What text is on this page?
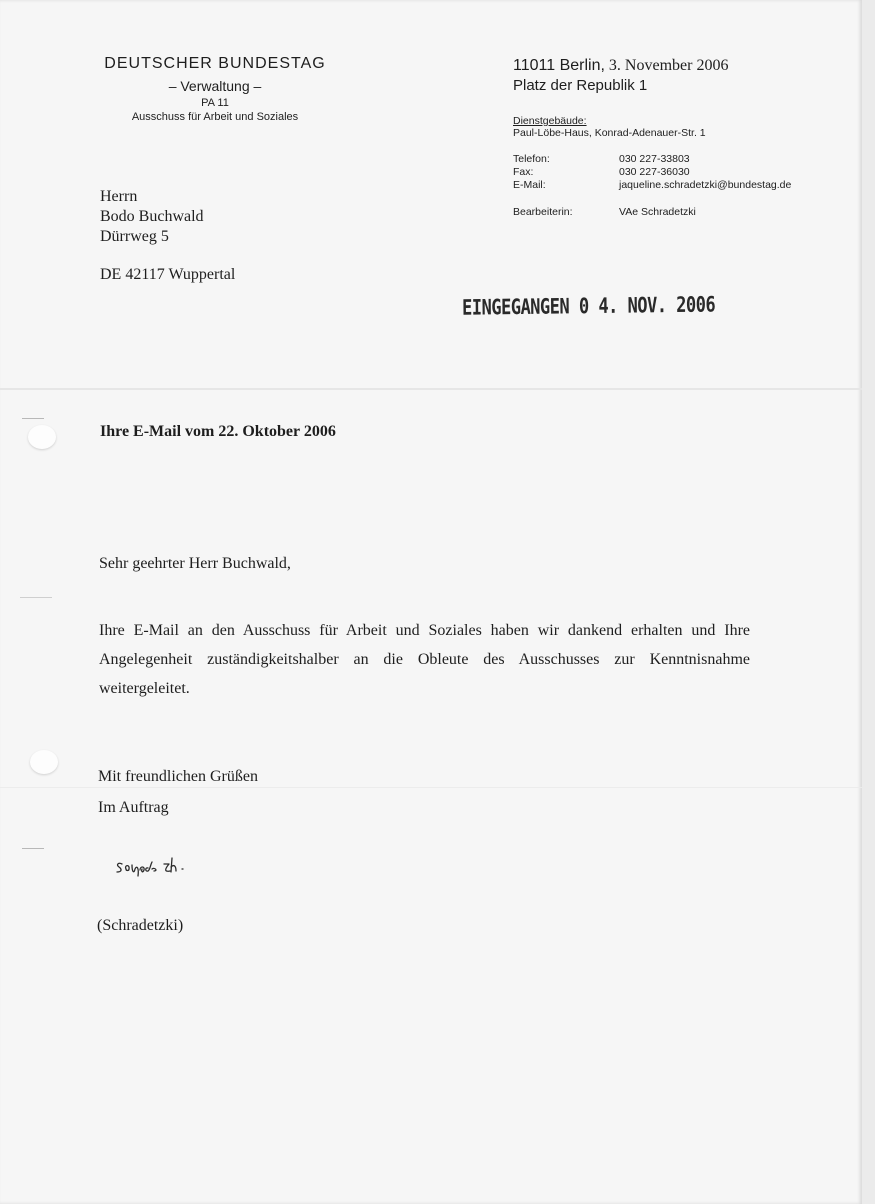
DEUTSCHER BUNDESTAG
– Verwaltung –
PA 11
Ausschuss für Arbeit und Soziales
11011 Berlin, 3. November 2006
Platz der Republik 1
Dienstgebäude:
Paul-Löbe-Haus, Konrad-Adenauer-Str. 1
Telefon:	030 227-33803
Fax:	030 227-36030
E-Mail:	jaqueline.schradetzki@bundestag.de
Bearbeiterin:	VAe Schradetzki
Herrn
Bodo Buchwald
Dürrweg 5
DE 42117 Wuppertal
EINGEGANGEN 0 4. NOV. 2006
Ihre E-Mail vom 22. Oktober 2006
Sehr geehrter Herr Buchwald,

Ihre E-Mail an den Ausschuss für Arbeit und Soziales haben wir dankend erhalten und Ihre Angelegenheit zuständigkeitshalber an die Obleute des Ausschusses zur Kenntnisnahme weitergeleitet.

Mit freundlichen Grüßen
Im Auftrag
(Schradetzki)
